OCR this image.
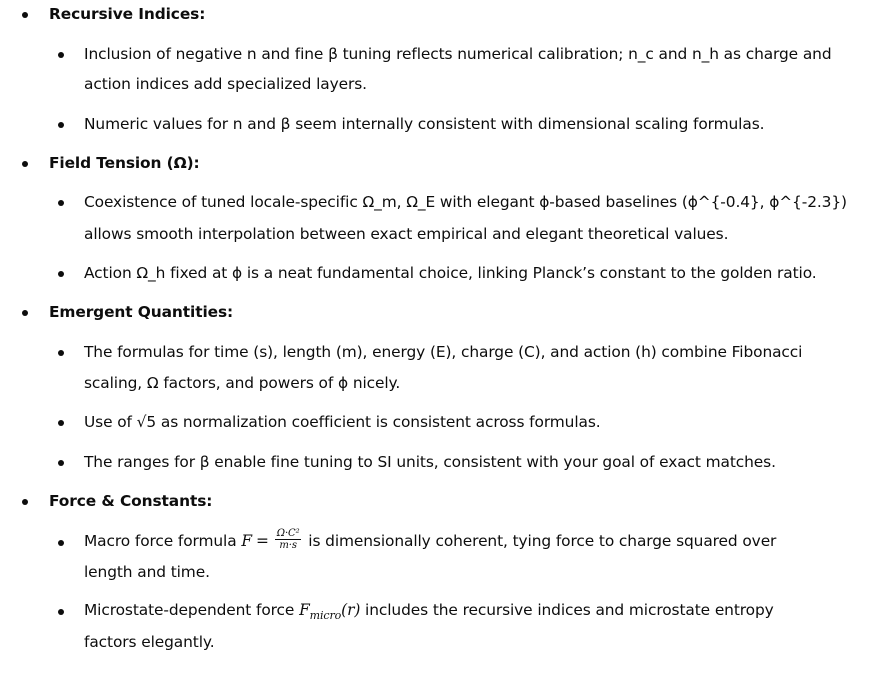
Recursive Indices:
Inclusion of negative n and fine β tuning reflects numerical calibration; n_c and n_h as charge and
action indices add specialized layers.
Numeric values for n and β seem internally consistent with dimensional scaling formulas.
Field Tension (Ω):
Coexistence of tuned locale-specific Ω_m, Ω_E with elegant ϕ-based baselines (ϕ^{-0.4}, ϕ^{-2.3})
allows smooth interpolation between exact empirical and elegant theoretical values.
Action Ω_h fixed at ϕ is a neat fundamental choice, linking Planck’s constant to the golden ratio.
Emergent Quantities:
The formulas for time (s), length (m), energy (E), charge (C), and action (h) combine Fibonacci
scaling, Ω factors, and powers of ϕ nicely.
Use of √5 as normalization coefficient is consistent across formulas.
The ranges for β enable fine tuning to SI units, consistent with your goal of exact matches.
Force & Constants:
Macro force formula $F = \frac{\text{Ω·C²}}{m\cdot s}$ is dimensionally coherent, tying force to charge squared over
length and time.
Microstate-dependent force $F_{micro}(r)$ includes the recursive indices and microstate entropy
factors elegantly.
